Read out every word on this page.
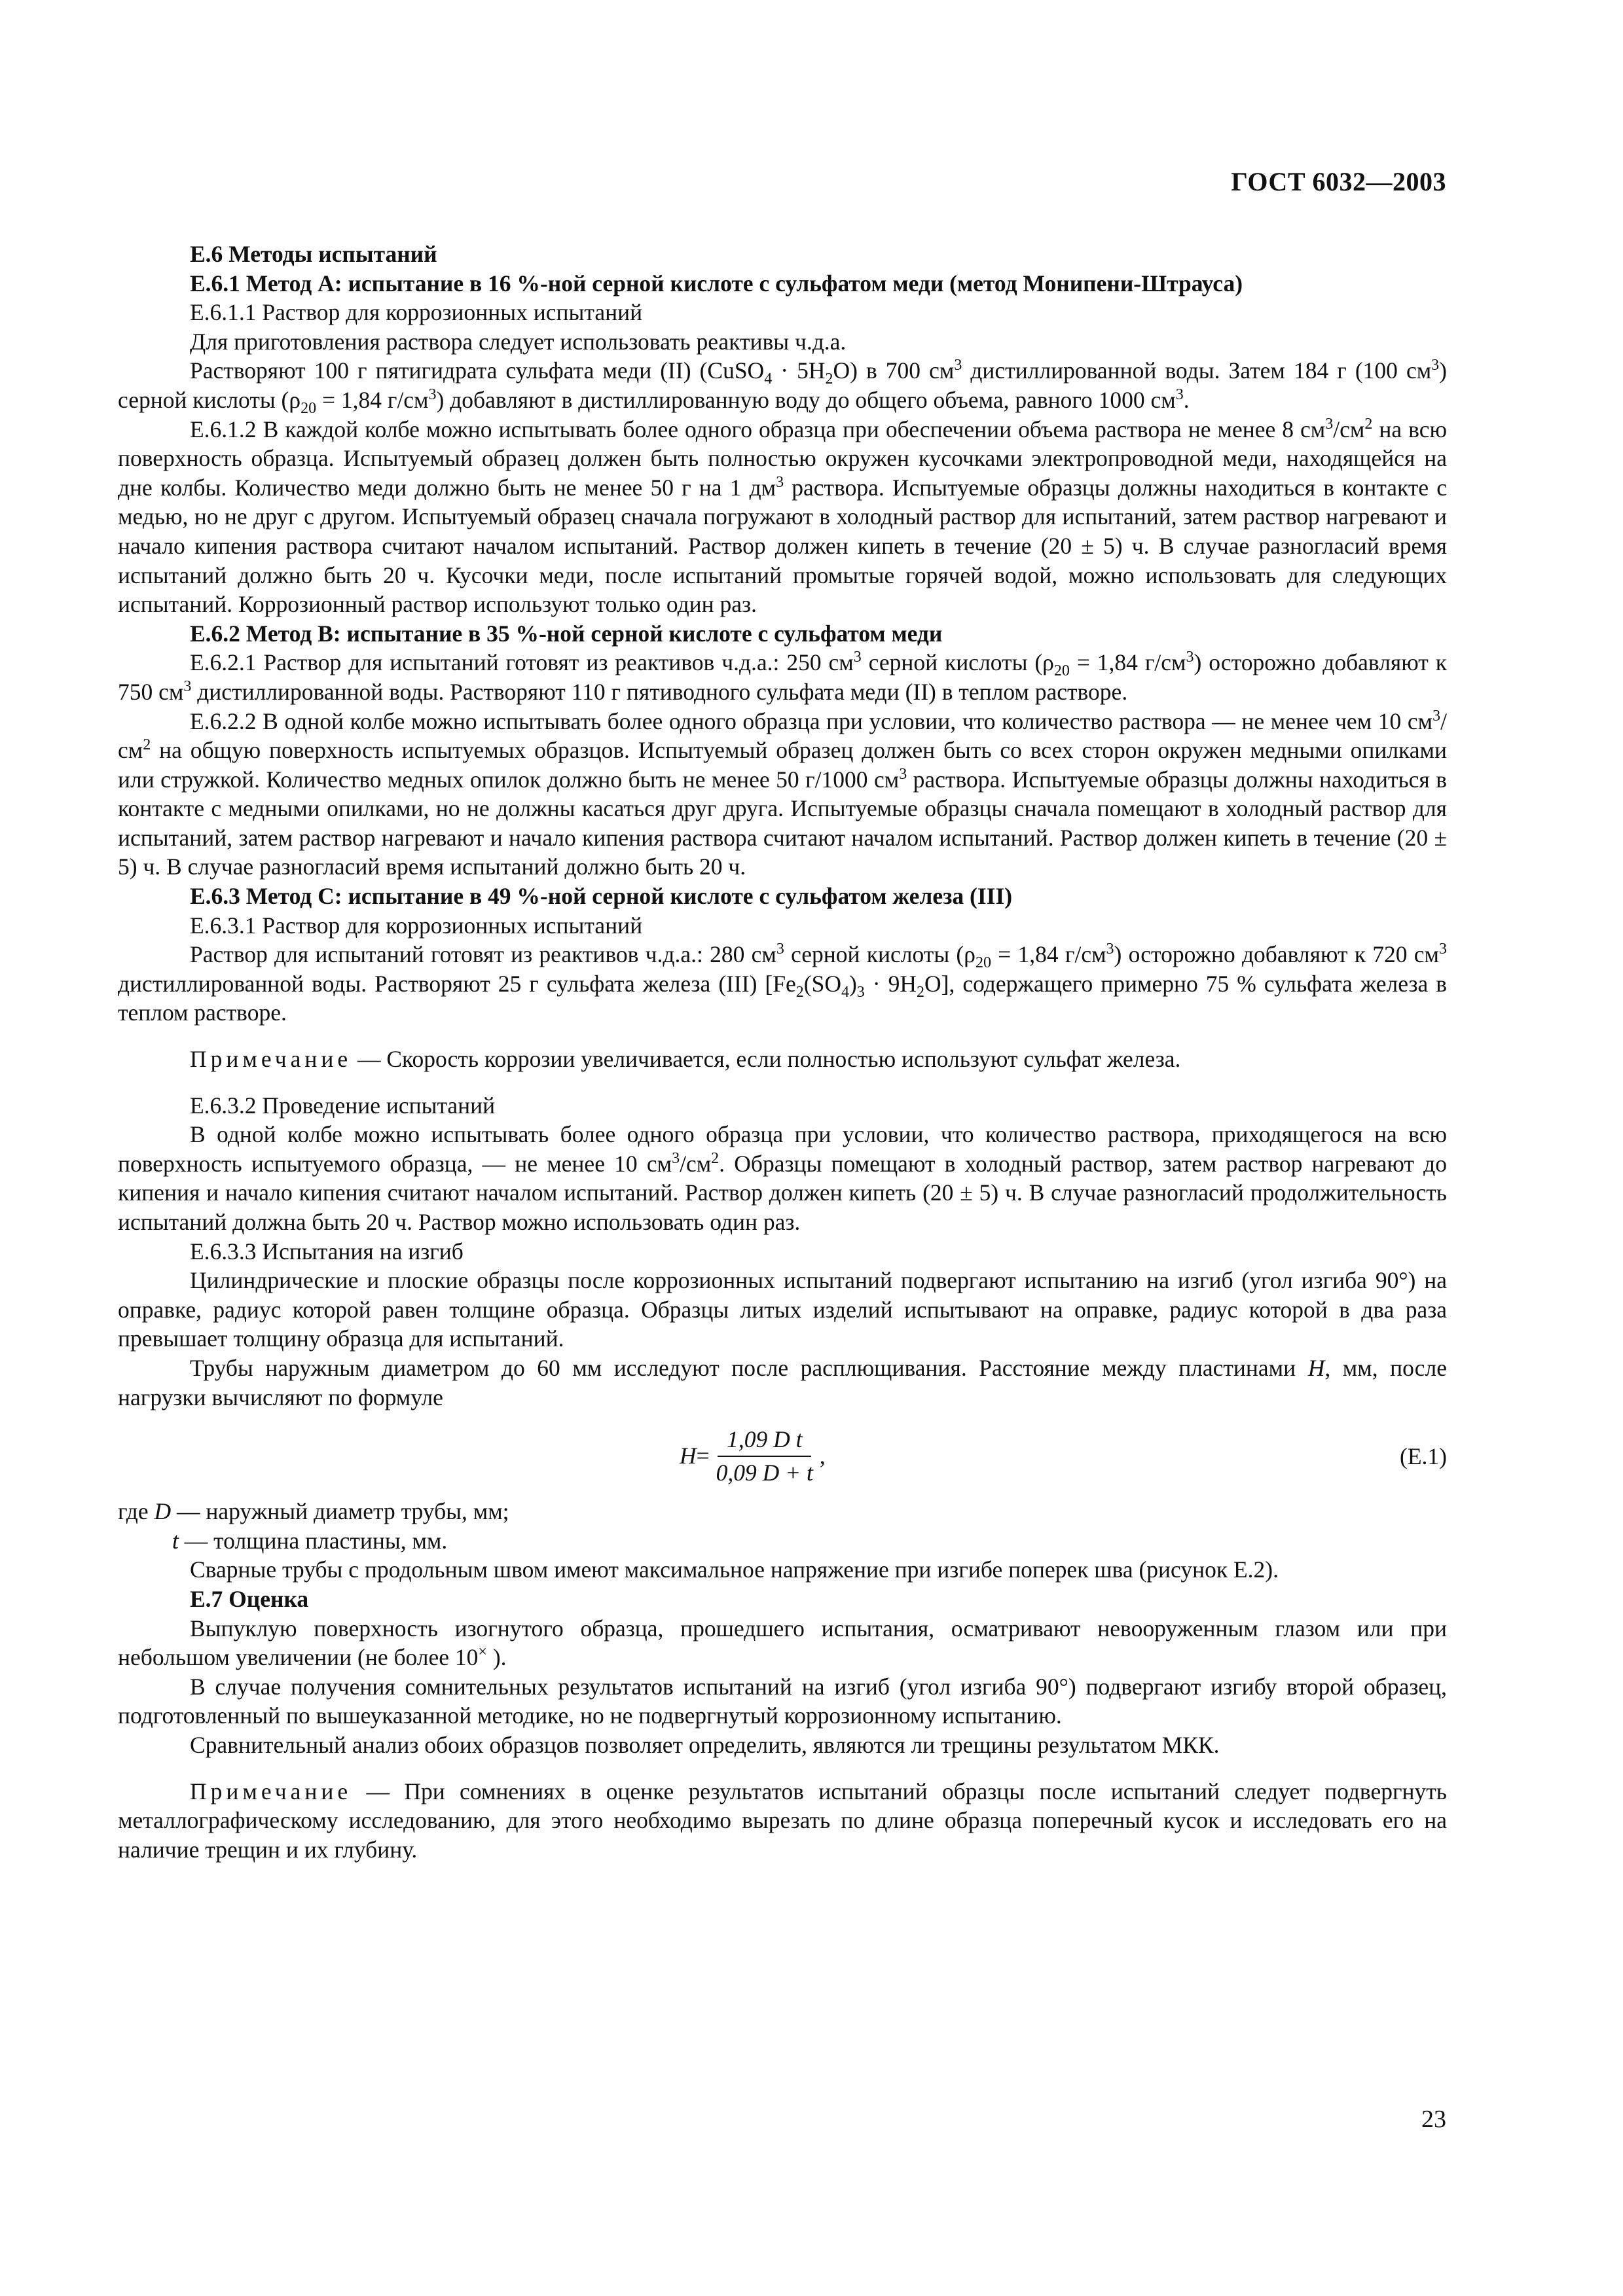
ГОСТ 6032—2003

Е.6 Методы испытаний

Е.6.1 Метод А: испытание в 16 %-ной серной кислоте с сульфатом меди (метод Монипени-Штрауса)

Е.6.1.1 Раствор для коррозионных испытаний

Для приготовления раствора следует использовать реактивы ч.д.а.

Растворяют 100 г пятигидрата сульфата меди (II) (CuSO$_4$ · $5H_2O$) в 700 $см^3$ дистиллированной воды. Затем 184 г (100 $см^3$) серной кислоты ($\rho_{20} = 1,84$ $г/см^3$) добавляют в дистиллированную воду до общего объема, равного 1000 $см^3$.

Е.6.1.2 В каждой колбе можно испытывать более одного образца при обеспечении объема раствора не менее 8 $см^3/см^2$ на всю поверхность образца. Испытуемый образец должен быть полностью окружен кусочками электропроводной меди, находящейся на дне колбы. Количество меди должно быть не менее 50 г на 1 $дм^3$ раствора. Испытуемые образцы должны находиться в контакте с медью, но не друг с другом. Испытуемый образец сначала погружают в холодный раствор для испытаний, затем раствор нагревают и начало кипения раствора считают началом испытаний. Раствор должен кипеть в течение (20 ± 5) ч. В случае разногласий время испытаний должно быть 20 ч. Кусочки меди, после испытаний промытые горячей водой, можно использовать для следующих испытаний. Коррозионный раствор используют только один раз.

Е.6.2 Метод В: испытание в 35 %-ной серной кислоте с сульфатом меди

Е.6.2.1 Раствор для испытаний готовят из реактивов ч.д.а.: 250 $см^3$ серной кислоты ($\rho_{20} = 1,84$ $г/см^3$) осторожно добавляют к 750 $см^3$ дистиллированной воды. Растворяют 110 г пятиводного сульфата меди (II) в теплом растворе.

Е.6.2.2 В одной колбе можно испытывать более одного образца при условии, что количество раствора — не менее чем 10 $см^3/см^2$ на общую поверхность испытуемых образцов. Испытуемый образец должен быть со всех сторон окружен медными опилками или стружкой. Количество медных опилок должно быть не менее 50 г/1000 $см^3$ раствора. Испытуемые образцы должны находиться в контакте с медными опилками, но не должны касаться друг друга. Испытуемые образцы сначала помещают в холодный раствор для испытаний, затем раствор нагревают и начало кипения раствора считают началом испытаний. Раствор должен кипеть в течение (20 ± 5) ч. В случае разногласий время испытаний должно быть 20 ч.

Е.6.3 Метод С: испытание в 49 %-ной серной кислоте с сульфатом железа (III)

Е.6.3.1 Раствор для коррозионных испытаний

Раствор для испытаний готовят из реактивов ч.д.а.: 280 $см^3$ серной кислоты ($\rho_{20} = 1,84$ $г/см^3$) осторожно добавляют к 720 $см^3$ дистиллированной воды. Растворяют 25 г сульфата железа (III) $[Fe_2(SO_4)_3 \cdot 9H_2O]$, содержащего примерно 75 % сульфата железа в теплом растворе.

Примечание — Скорость коррозии увеличивается, если полностью используют сульфат железа.

Е.6.3.2 Проведение испытаний

В одной колбе можно испытывать более одного образца при условии, что количество раствора, приходящегося на всю поверхность испытуемого образца, — не менее 10 $см^3/см^2$. Образцы помещают в холодный раствор, затем раствор нагревают до кипения и начало кипения считают началом испытаний. Раствор должен кипеть (20 ± 5) ч. В случае разногласий продолжительность испытаний должна быть 20 ч. Раствор можно использовать один раз.

Е.6.3.3 Испытания на изгиб

Цилиндрические и плоские образцы после коррозионных испытаний подвергают испытанию на изгиб (угол изгиба 90°) на оправке, радиус которой равен толщине образца. Образцы литых изделий испытывают на оправке, радиус которой в два раза превышает толщину образца для испытаний.

Трубы наружным диаметром до 60 мм исследуют после расплющивания. Расстояние между пластинами H, мм, после нагрузки вычисляют по формуле

$H = \frac{\text{1,09 D t}}{0,09 D + t}$ ,	(Е.1)

где D — наружный диаметр трубы, мм;

t — толщина пластины, мм.

Сварные трубы с продольным швом имеют максимальное напряжение при изгибе поперек шва (рисунок Е.2).

Е.7 Оценка

Выпуклую поверхность изогнутого образца, прошедшего испытания, осматривают невооруженным глазом или при небольшом увеличении (не более 10× ).

В случае получения сомнительных результатов испытаний на изгиб (угол изгиба 90°) подвергают изгибу второй образец, подготовленный по вышеуказанной методике, но не подвергнутый коррозионному испытанию.

Сравнительный анализ обоих образцов позволяет определить, являются ли трещины результатом МКК.

Примечание — При сомнениях в оценке результатов испытаний образцы после испытаний следует подвергнуть металлографическому исследованию, для этого необходимо вырезать по длине образца поперечный кусок и исследовать его на наличие трещин и их глубину.

23
